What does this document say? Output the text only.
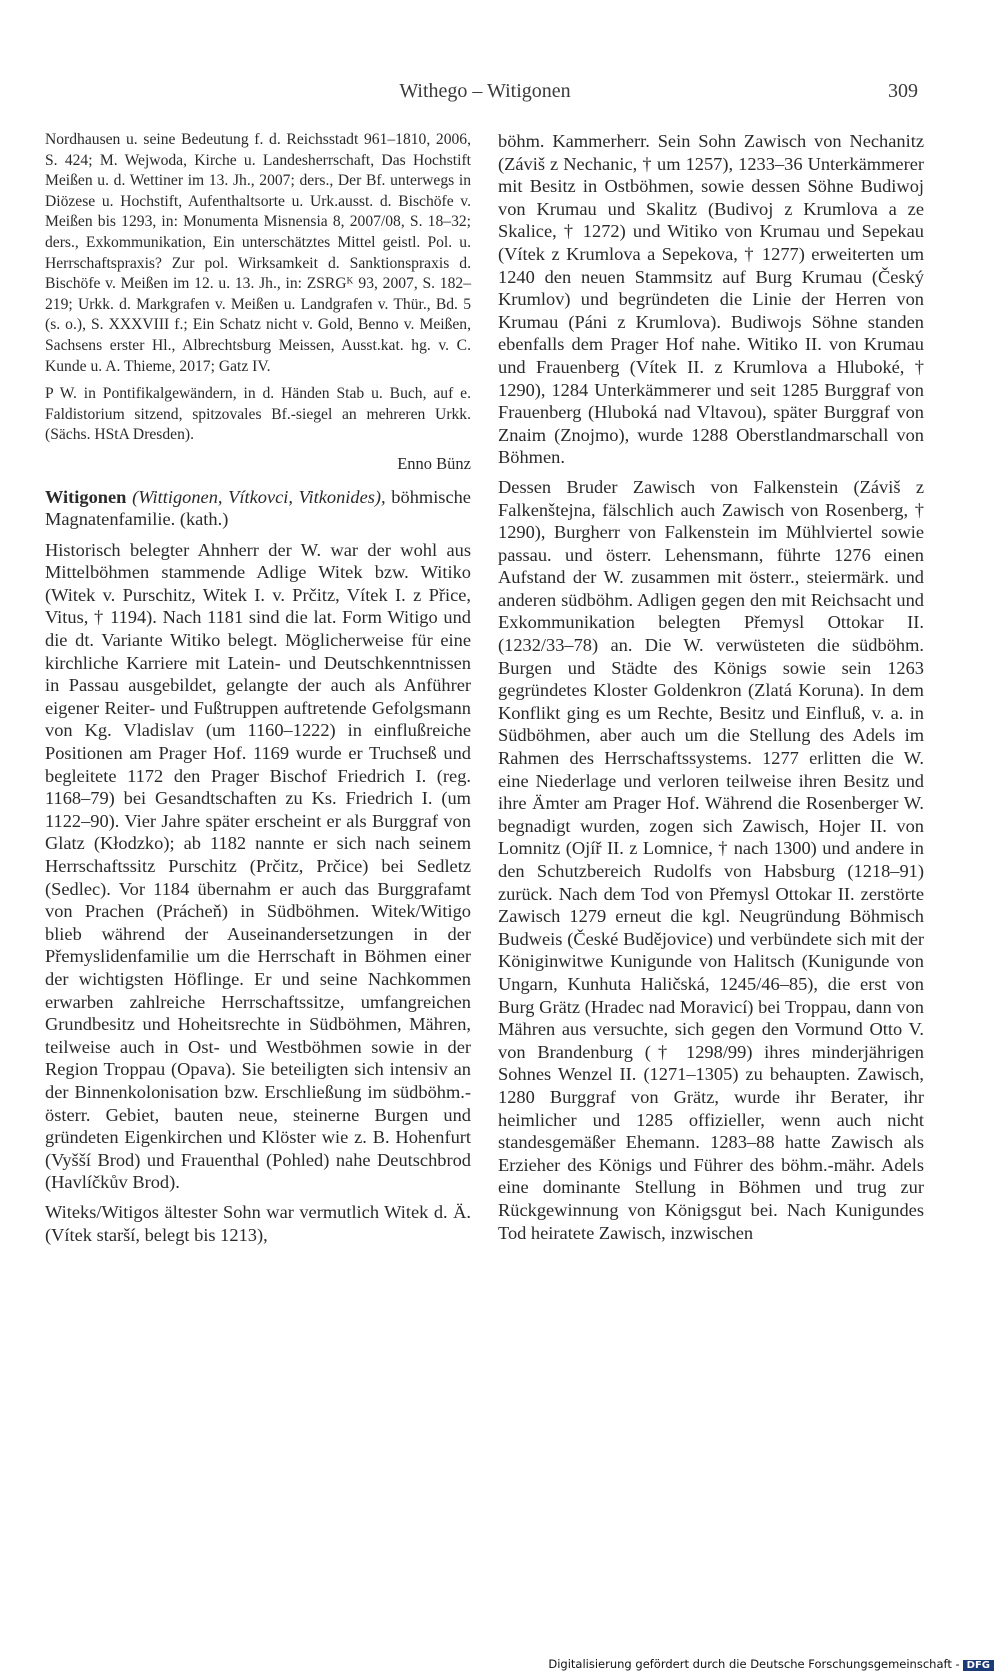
Withego – Witigonen	309

Nordhausen u. seine Bedeutung f. d. Reichsstadt 961–1810, 2006, S. 424; M. Wejwoda, Kirche u. Landesherrschaft, Das Hochstift Meißen u. d. Wettiner im 13. Jh., 2007; ders., Der Bf. unterwegs in Diözese u. Hochstift, Aufenthaltsorte u. Urk.ausst. d. Bischöfe v. Meißen bis 1293, in: Monumenta Misnensia 8, 2007/08, S. 18–32; ders., Exkommunikation, Ein unterschätztes Mittel geistl. Pol. u. Herrschaftspraxis? Zur pol. Wirksamkeit d. Sanktionspraxis d. Bischöfe v. Meißen im 12. u. 13. Jh., in: ZSRGᴷ 93, 2007, S. 182–219; Urkk. d. Markgrafen v. Meißen u. Landgrafen v. Thür., Bd. 5 (s. o.), S. XXXVIII f.; Ein Schatz nicht v. Gold, Benno v. Meißen, Sachsens erster Hl., Albrechtsburg Meissen, Ausst.kat. hg. v. C. Kunde u. A. Thieme, 2017; Gatz IV.

P W. in Pontifikalgewändern, in d. Händen Stab u. Buch, auf e. Faldistorium sitzend, spitzovales Bf.-siegel an mehreren Urkk. (Sächs. HStA Dresden).

Enno Bünz
Witigonen (Wittigonen, Vítkovci, Vitkonides), böhmische Magnatenfamilie. (kath.)

Historisch belegter Ahnherr der W. war der wohl aus Mittelböhmen stammende Adlige Witek bzw. Witiko (Witek v. Purschitz, Witek I. v. Prčitz, Vítek I. z Přice, Vitus, † 1194). Nach 1181 sind die lat. Form Witigo und die dt. Variante Witiko belegt. Möglicherweise für eine kirchliche Karriere mit Latein- und Deutschkenntnissen in Passau ausgebildet, gelangte der auch als Anführer eigener Reiter- und Fußtruppen auftretende Gefolgsmann von Kg. Vladislav (um 1160–1222) in einflußreiche Positionen am Prager Hof. 1169 wurde er Truchseß und begleitete 1172 den Prager Bischof Friedrich I. (reg. 1168–79) bei Gesandtschaften zu Ks. Friedrich I. (um 1122–90). Vier Jahre später erscheint er als Burggraf von Glatz (Kłodzko); ab 1182 nannte er sich nach seinem Herrschaftssitz Purschitz (Prčitz, Prčice) bei Sedletz (Sedlec). Vor 1184 übernahm er auch das Burggrafamt von Prachen (Prácheň) in Südböhmen. Witek/Witigo blieb während der Auseinandersetzungen in der Přemyslidenfamilie um die Herrschaft in Böhmen einer der wichtigsten Höflinge. Er und seine Nachkommen erwarben zahlreiche Herrschaftssitze, umfangreichen Grundbesitz und Hoheitsrechte in Südböhmen, Mähren, teilweise auch in Ost- und Westböhmen sowie in der Region Troppau (Opava). Sie beteiligten sich intensiv an der Binnenkolonisation bzw. Erschließung im südböhm.-österr. Gebiet, bauten neue, steinerne Burgen und gründeten Eigenkirchen und Klöster wie z. B. Hohenfurt (Vyšší Brod) und Frauenthal (Pohled) nahe Deutschbrod (Havlíčkův Brod).

Witeks/Witigos ältester Sohn war vermutlich Witek d. Ä. (Vítek starší, belegt bis 1213),

böhm. Kammerherr. Sein Sohn Zawisch von Nechanitz (Záviš z Nechanic, † um 1257), 1233–36 Unterkämmerer mit Besitz in Ostböhmen, sowie dessen Söhne Budiwoj von Krumau und Skalitz (Budivoj z Krumlova a ze Skalice, † 1272) und Witiko von Krumau und Sepekau (Vítek z Krumlova a Sepekova, † 1277) erweiterten um 1240 den neuen Stammsitz auf Burg Krumau (Český Krumlov) und begründeten die Linie der Herren von Krumau (Páni z Krumlova). Budiwojs Söhne standen ebenfalls dem Prager Hof nahe. Witiko II. von Krumau und Frauenberg (Vítek II. z Krumlova a Hluboké, † 1290), 1284 Unterkämmerer und seit 1285 Burggraf von Frauenberg (Hluboká nad Vltavou), später Burggraf von Znaim (Znojmo), wurde 1288 Oberstlandmarschall von Böhmen.

Dessen Bruder Zawisch von Falkenstein (Záviš z Falkenštejna, fälschlich auch Zawisch von Rosenberg, † 1290), Burgherr von Falkenstein im Mühlviertel sowie passau. und österr. Lehensmann, führte 1276 einen Aufstand der W. zusammen mit österr., steiermärk. und anderen südböhm. Adligen gegen den mit Reichsacht und Exkommunikation belegten Přemysl Ottokar II. (1232/33–78) an. Die W. verwüsteten die südböhm. Burgen und Städte des Königs sowie sein 1263 gegründetes Kloster Goldenkron (Zlatá Koruna). In dem Konflikt ging es um Rechte, Besitz und Einfluß, v. a. in Südböhmen, aber auch um die Stellung des Adels im Rahmen des Herrschaftssystems. 1277 erlitten die W. eine Niederlage und verloren teilweise ihren Besitz und ihre Ämter am Prager Hof. Während die Rosenberger W. begnadigt wurden, zogen sich Zawisch, Hojer II. von Lomnitz (Ojíř II. z Lomnice, † nach 1300) und andere in den Schutzbereich Rudolfs von Habsburg (1218–91) zurück. Nach dem Tod von Přemysl Ottokar II. zerstörte Zawisch 1279 erneut die kgl. Neugründung Böhmisch Budweis (České Budějovice) und verbündete sich mit der Königinwitwe Kunigunde von Halitsch (Kunigunde von Ungarn, Kunhuta Haličská, 1245/46–85), die erst von Burg Grätz (Hradec nad Moravicí) bei Troppau, dann von Mähren aus versuchte, sich gegen den Vormund Otto V. von Brandenburg († 1298/99) ihres minderjährigen Sohnes Wenzel II. (1271–1305) zu behaupten. Zawisch, 1280 Burggraf von Grätz, wurde ihr Berater, ihr heimlicher und 1285 offizieller, wenn auch nicht standesgemäßer Ehemann. 1283–88 hatte Zawisch als Erzieher des Königs und Führer des böhm.-mähr. Adels eine dominante Stellung in Böhmen und trug zur Rückgewinnung von Königsgut bei. Nach Kunigundes Tod heiratete Zawisch, inzwischen

Digitalisierung gefördert durch die Deutsche Forschungsgemeinschaft - DFG
